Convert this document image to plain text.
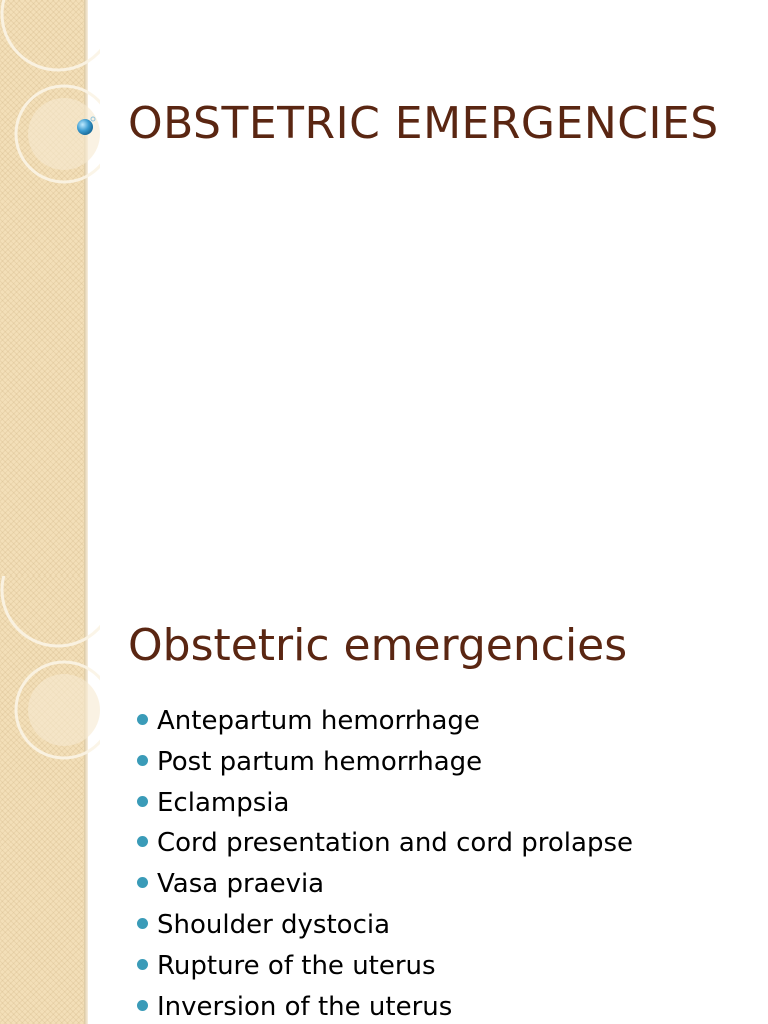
OBSTETRIC EMERGENCIES
Obstetric emergencies
Antepartum hemorrhage
Post partum hemorrhage
Eclampsia
Cord presentation and cord prolapse
Vasa praevia
Shoulder dystocia
Rupture of the uterus
Inversion of the uterus
